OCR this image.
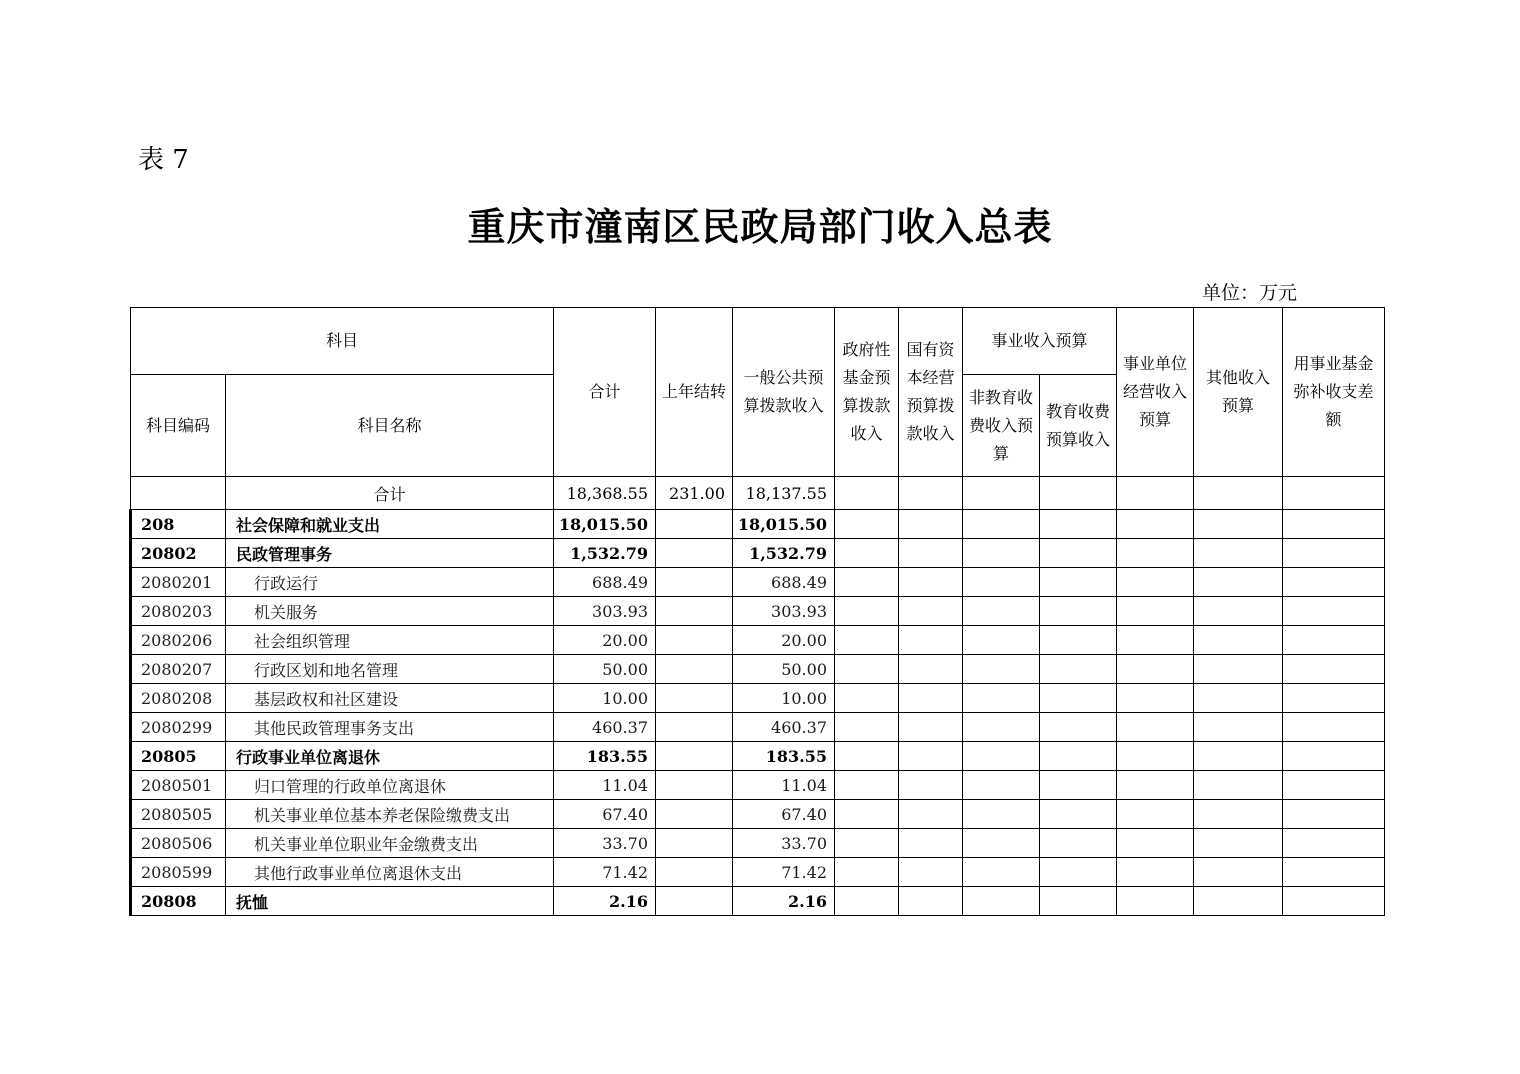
表 7
重庆市潼南区民政局部门收入总表
单位：万元
科目		合计	上年结转	一般公共预算拨款收入	政府性基金预算拨款收入	国有资本经营预算拨款收入	事业收入预算		事业单位经营收入预算	其他收入预算	用事业基金弥补收支差额
科目编码	科目名称						非教育收费收入预算	教育收费预算收入			
	合计	18,368.55	231.00	18,137.55							
208	社会保障和就业支出	18,015.50		18,015.50							
20802	民政管理事务	1,532.79		1,532.79							
2080201	行政运行	688.49		688.49							
2080203	机关服务	303.93		303.93							
2080206	社会组织管理	20.00		20.00							
2080207	行政区划和地名管理	50.00		50.00							
2080208	基层政权和社区建设	10.00		10.00							
2080299	其他民政管理事务支出	460.37		460.37							
20805	行政事业单位离退休	183.55		183.55							
2080501	归口管理的行政单位离退休	11.04		11.04							
2080505	机关事业单位基本养老保险缴费支出	67.40		67.40							
2080506	机关事业单位职业年金缴费支出	33.70		33.70							
2080599	其他行政事业单位离退休支出	71.42		71.42							
20808	抚恤	2.16		2.16							
